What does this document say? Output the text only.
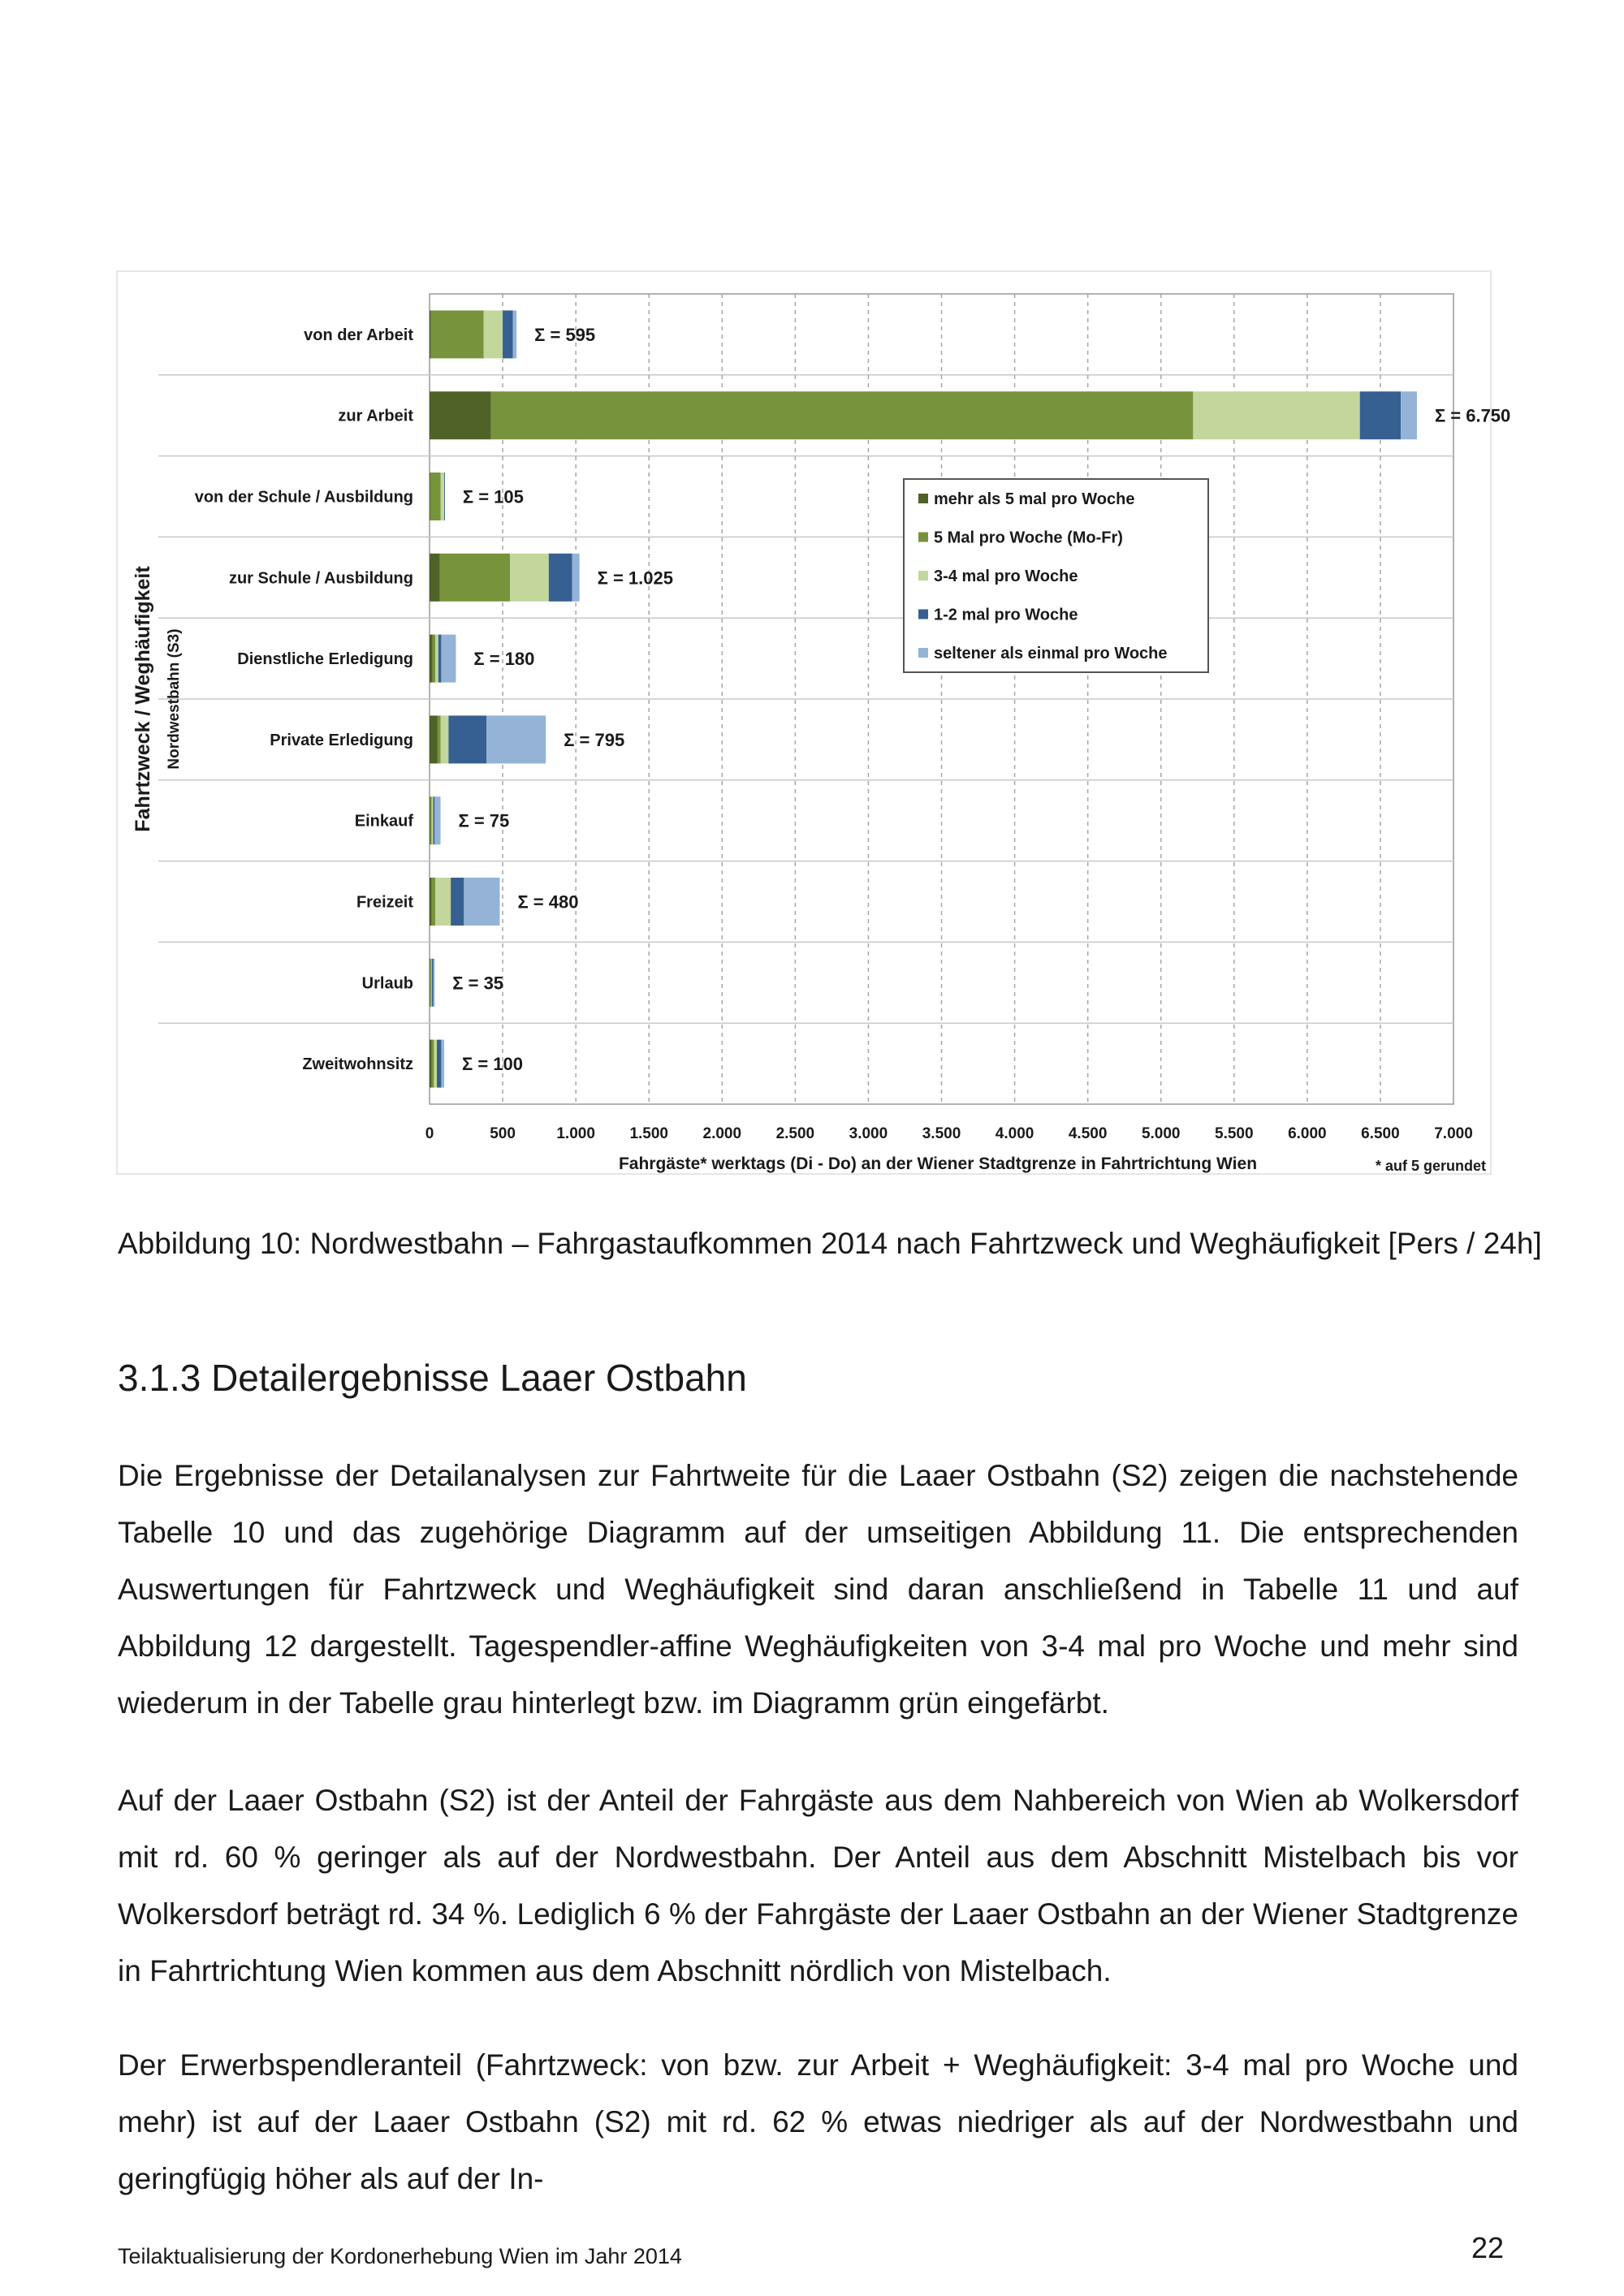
0	500	1.000 1.500 2.000 2.500 3.000 3.500 4.000 4.500 5.000 5.500 6.000 6.500 7.000
von der Arbeit	Σ = 595
zur Arbeit	Σ = 6.750
von der Schule / Ausbildung	Σ = 105
zur Schule / Ausbildung	Σ = 1.025
Dienstliche Erledigung	Σ = 180
Private Erledigung	Σ = 795
Einkauf	Σ = 75
Freizeit	Σ = 480
Urlaub Σ = 35
Zweitwohnsitz	Σ = 100
mehr als 5 mal pro Woche
5 Mal pro Woche (Mo-Fr)
3-4 mal pro Woche
1-2 mal pro Woche
seltener als einmal pro Woche
Fahrtzweck / Weghäufigkeit Nordwestbahn (S3)
Fahrgäste* werktags (Di - Do) an der Wiener Stadtgrenze in Fahrtrichtung Wien	* auf 5 gerundet
Abbildung 10: Nordwestbahn – Fahrgastaufkommen 2014 nach Fahrtzweck und Weghäufigkeit [Pers / 24h]
3.1.3 Detailergebnisse Laaer Ostbahn

Die Ergebnisse der Detailanalysen zur Fahrtweite für die Laaer Ostbahn (S2) zeigen die nachstehende Tabelle 10 und das zugehörige Diagramm auf der umseitigen Abbildung 11. Die entsprechenden Auswertungen für Fahrtzweck und Weghäufigkeit sind daran anschließend in Tabelle 11 und auf Abbildung 12 dargestellt. Tagespendler-affine Weghäufigkeiten von 3-4 mal pro Woche und mehr sind wiederum in der Tabelle grau hinterlegt bzw. im Diagramm grün eingefärbt.

Auf der Laaer Ostbahn (S2) ist der Anteil der Fahrgäste aus dem Nahbereich von Wien ab Wolkersdorf mit rd. 60 % geringer als auf der Nordwestbahn. Der Anteil aus dem Abschnitt Mistelbach bis vor Wolkersdorf beträgt rd. 34 %. Lediglich 6 % der Fahrgäste der Laaer Ostbahn an der Wiener Stadtgrenze in Fahrtrichtung Wien kommen aus dem Abschnitt nördlich von Mistelbach.

Der Erwerbspendleranteil (Fahrtzweck: von bzw. zur Arbeit + Weghäufigkeit: 3-4 mal pro Woche und mehr) ist auf der Laaer Ostbahn (S2) mit rd. 62 % etwas niedriger als auf der Nordwestbahn und geringfügig höher als auf der In-

Teilaktualisierung der Kordonerhebung Wien im Jahr 2014	22
